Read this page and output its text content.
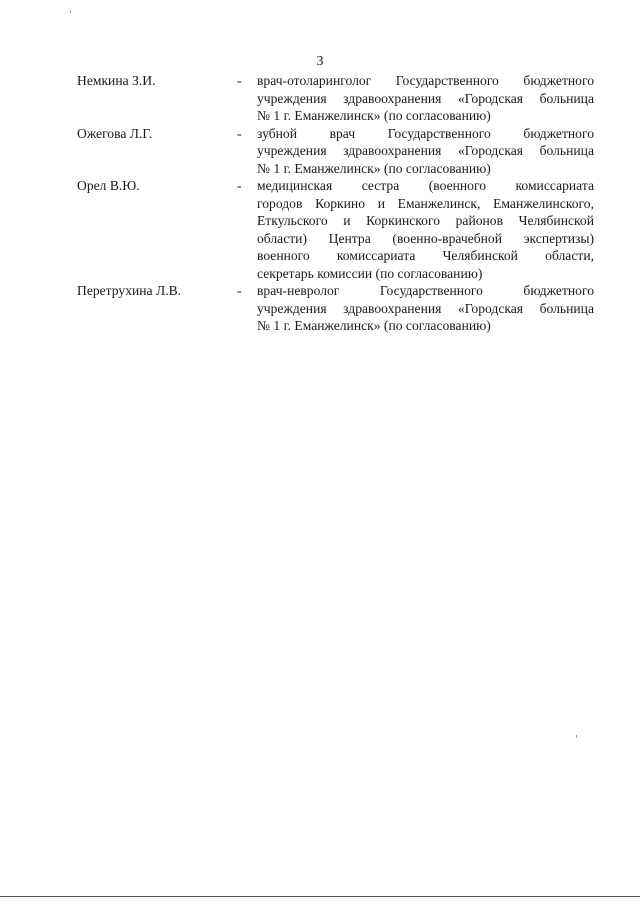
3
Немкина З.И.	-	врач-отоларинголог Государственного бюджетного
учреждения здравоохранения «Городская больница
№ 1 г. Еманжелинск» (по согласованию)
Ожегова Л.Г.	-	зубной врач Государственного бюджетного
учреждения здравоохранения «Городская больница
№ 1 г. Еманжелинск» (по согласованию)
Орел В.Ю.	-	медицинская сестра (военного комиссариата
городов Коркино и Еманжелинск, Еманжелинского,
Еткульского и Коркинского районов Челябинской
области) Центра (военно-врачебной экспертизы)
военного комиссариата Челябинской области,
секретарь комиссии (по согласованию)
Перетрухина Л.В.	-	врач-невролог Государственного бюджетного
учреждения здравоохранения «Городская больница
№ 1 г. Еманжелинск» (по согласованию)
